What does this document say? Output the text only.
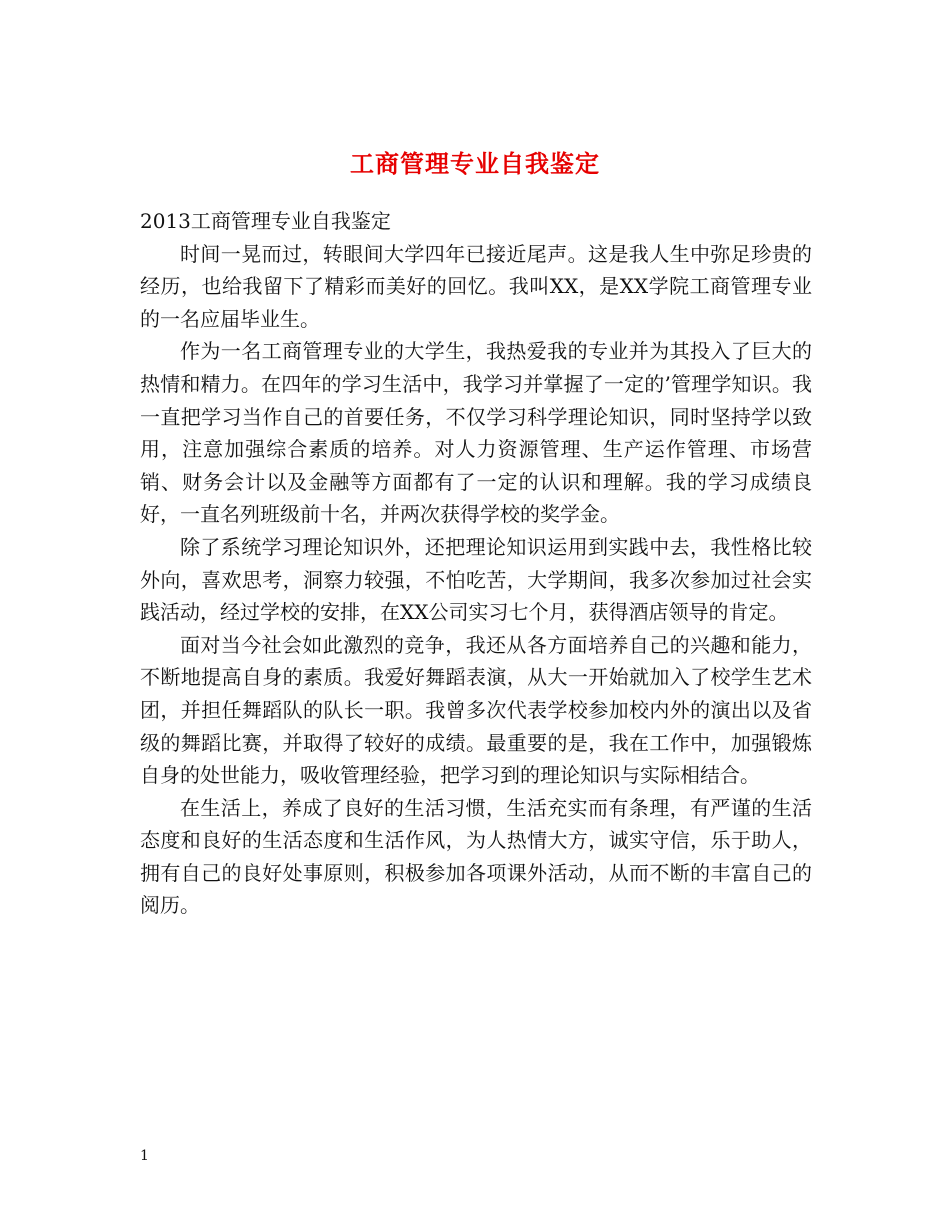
工商管理专业自我鉴定

2013工商管理专业自我鉴定

时间一晃而过，转眼间大学四年已接近尾声。这是我人生中弥足珍贵的经历，也给我留下了精彩而美好的回忆。我叫XX，是XX学院工商管理专业的一名应届毕业生。

作为一名工商管理专业的大学生，我热爱我的专业并为其投入了巨大的热情和精力。在四年的学习生活中，我学习并掌握了一定的’管理学知识。我一直把学习当作自己的首要任务，不仅学习科学理论知识，同时坚持学以致用，注意加强综合素质的培养。对人力资源管理、生产运作管理、市场营销、财务会计以及金融等方面都有了一定的认识和理解。我的学习成绩良好，一直名列班级前十名，并两次获得学校的奖学金。

除了系统学习理论知识外，还把理论知识运用到实践中去，我性格比较外向，喜欢思考，洞察力较强，不怕吃苦，大学期间，我多次参加过社会实践活动，经过学校的安排，在XX公司实习七个月，获得酒店领导的肯定。

面对当今社会如此激烈的竞争，我还从各方面培养自己的兴趣和能力，不断地提高自身的素质。我爱好舞蹈表演，从大一开始就加入了校学生艺术团，并担任舞蹈队的队长一职。我曾多次代表学校参加校内外的演出以及省级的舞蹈比赛，并取得了较好的成绩。最重要的是，我在工作中，加强锻炼自身的处世能力，吸收管理经验，把学习到的理论知识与实际相结合。

在生活上，养成了良好的生活习惯，生活充实而有条理，有严谨的生活态度和良好的生活态度和生活作风，为人热情大方，诚实守信，乐于助人，拥有自己的良好处事原则，积极参加各项课外活动，从而不断的丰富自己的阅历。

1
